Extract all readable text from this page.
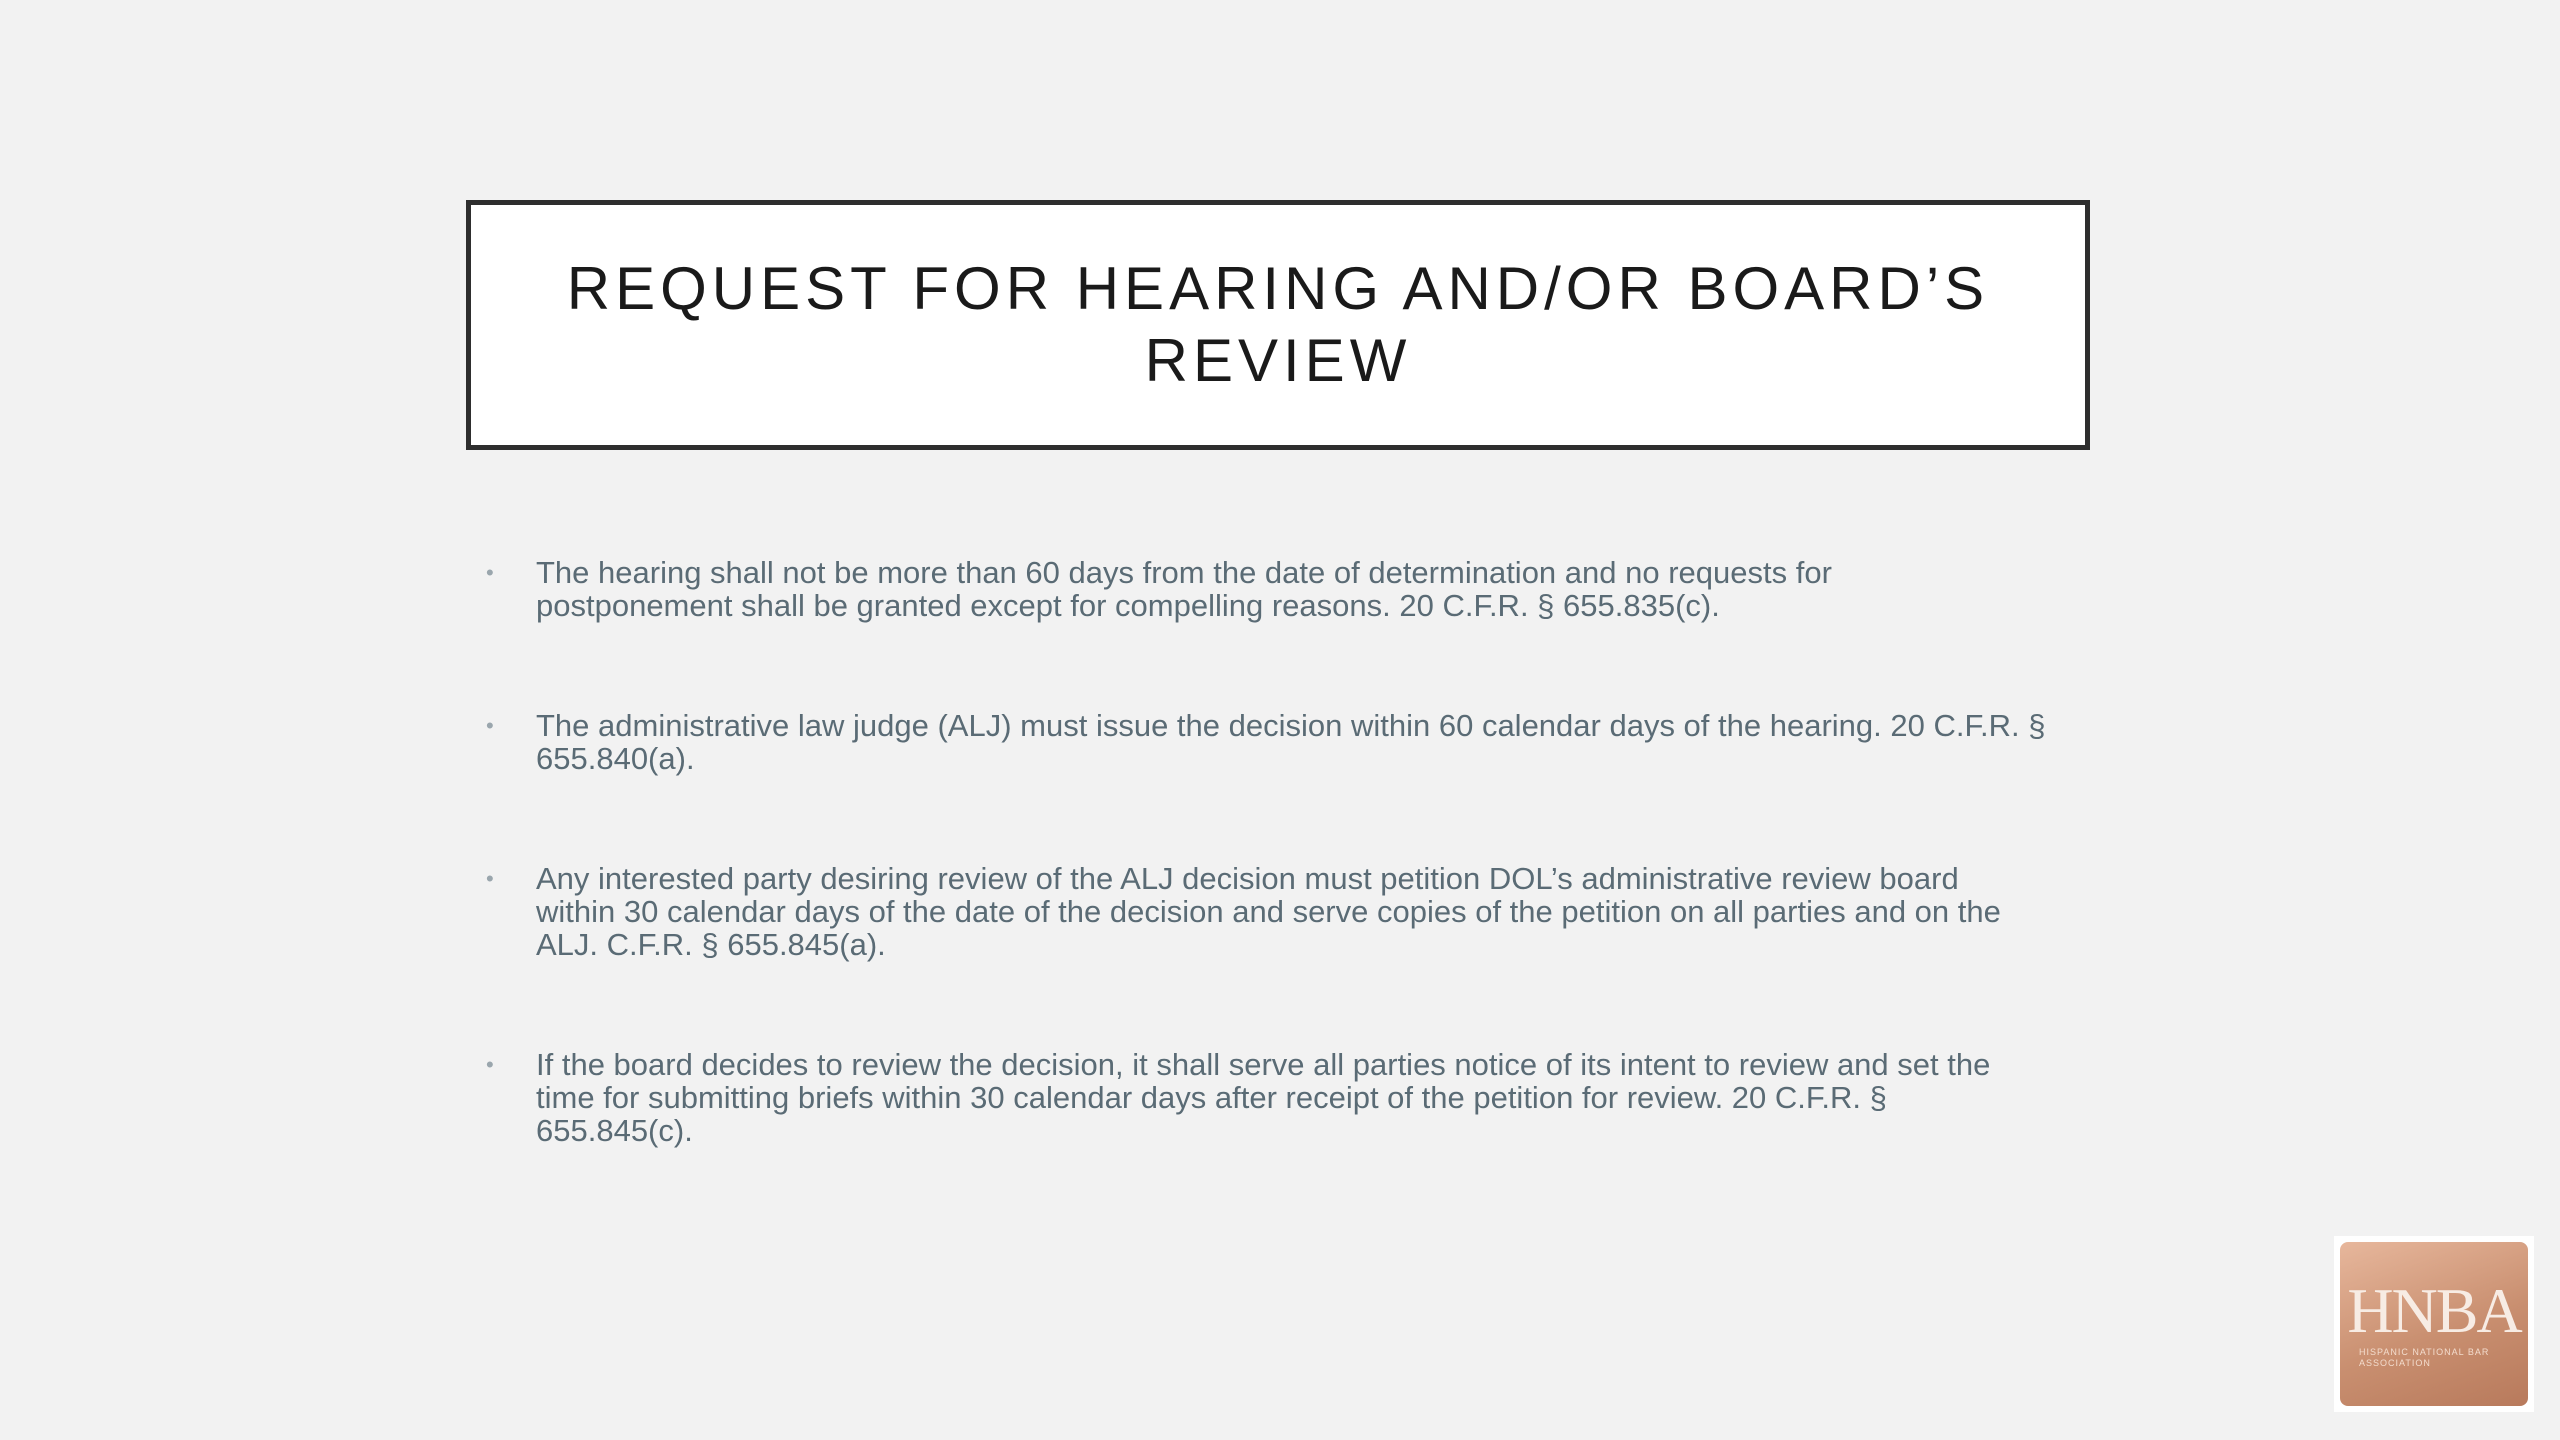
REQUEST FOR HEARING AND/OR BOARD’S
REVIEW
•	The hearing shall not be more than 60 days from the date of determination and no requests for
postponement shall be granted except for compelling reasons. 20 C.F.R. § 655.835(c).
•	The administrative law judge (ALJ) must issue the decision within 60 calendar days of the hearing. 20 C.F.R. §
655.840(a).
•	Any interested party desiring review of the ALJ decision must petition DOL’s administrative review board
within 30 calendar days of the date of the decision and serve copies of the petition on all parties and on the
ALJ. C.F.R. § 655.845(a).
•	If the board decides to review the decision, it shall serve all parties notice of its intent to review and set the
time for submitting briefs within 30 calendar days after receipt of the petition for review. 20 C.F.R. §
655.845(c).
HNBA
HISPANIC NATIONAL BAR ASSOCIATION
